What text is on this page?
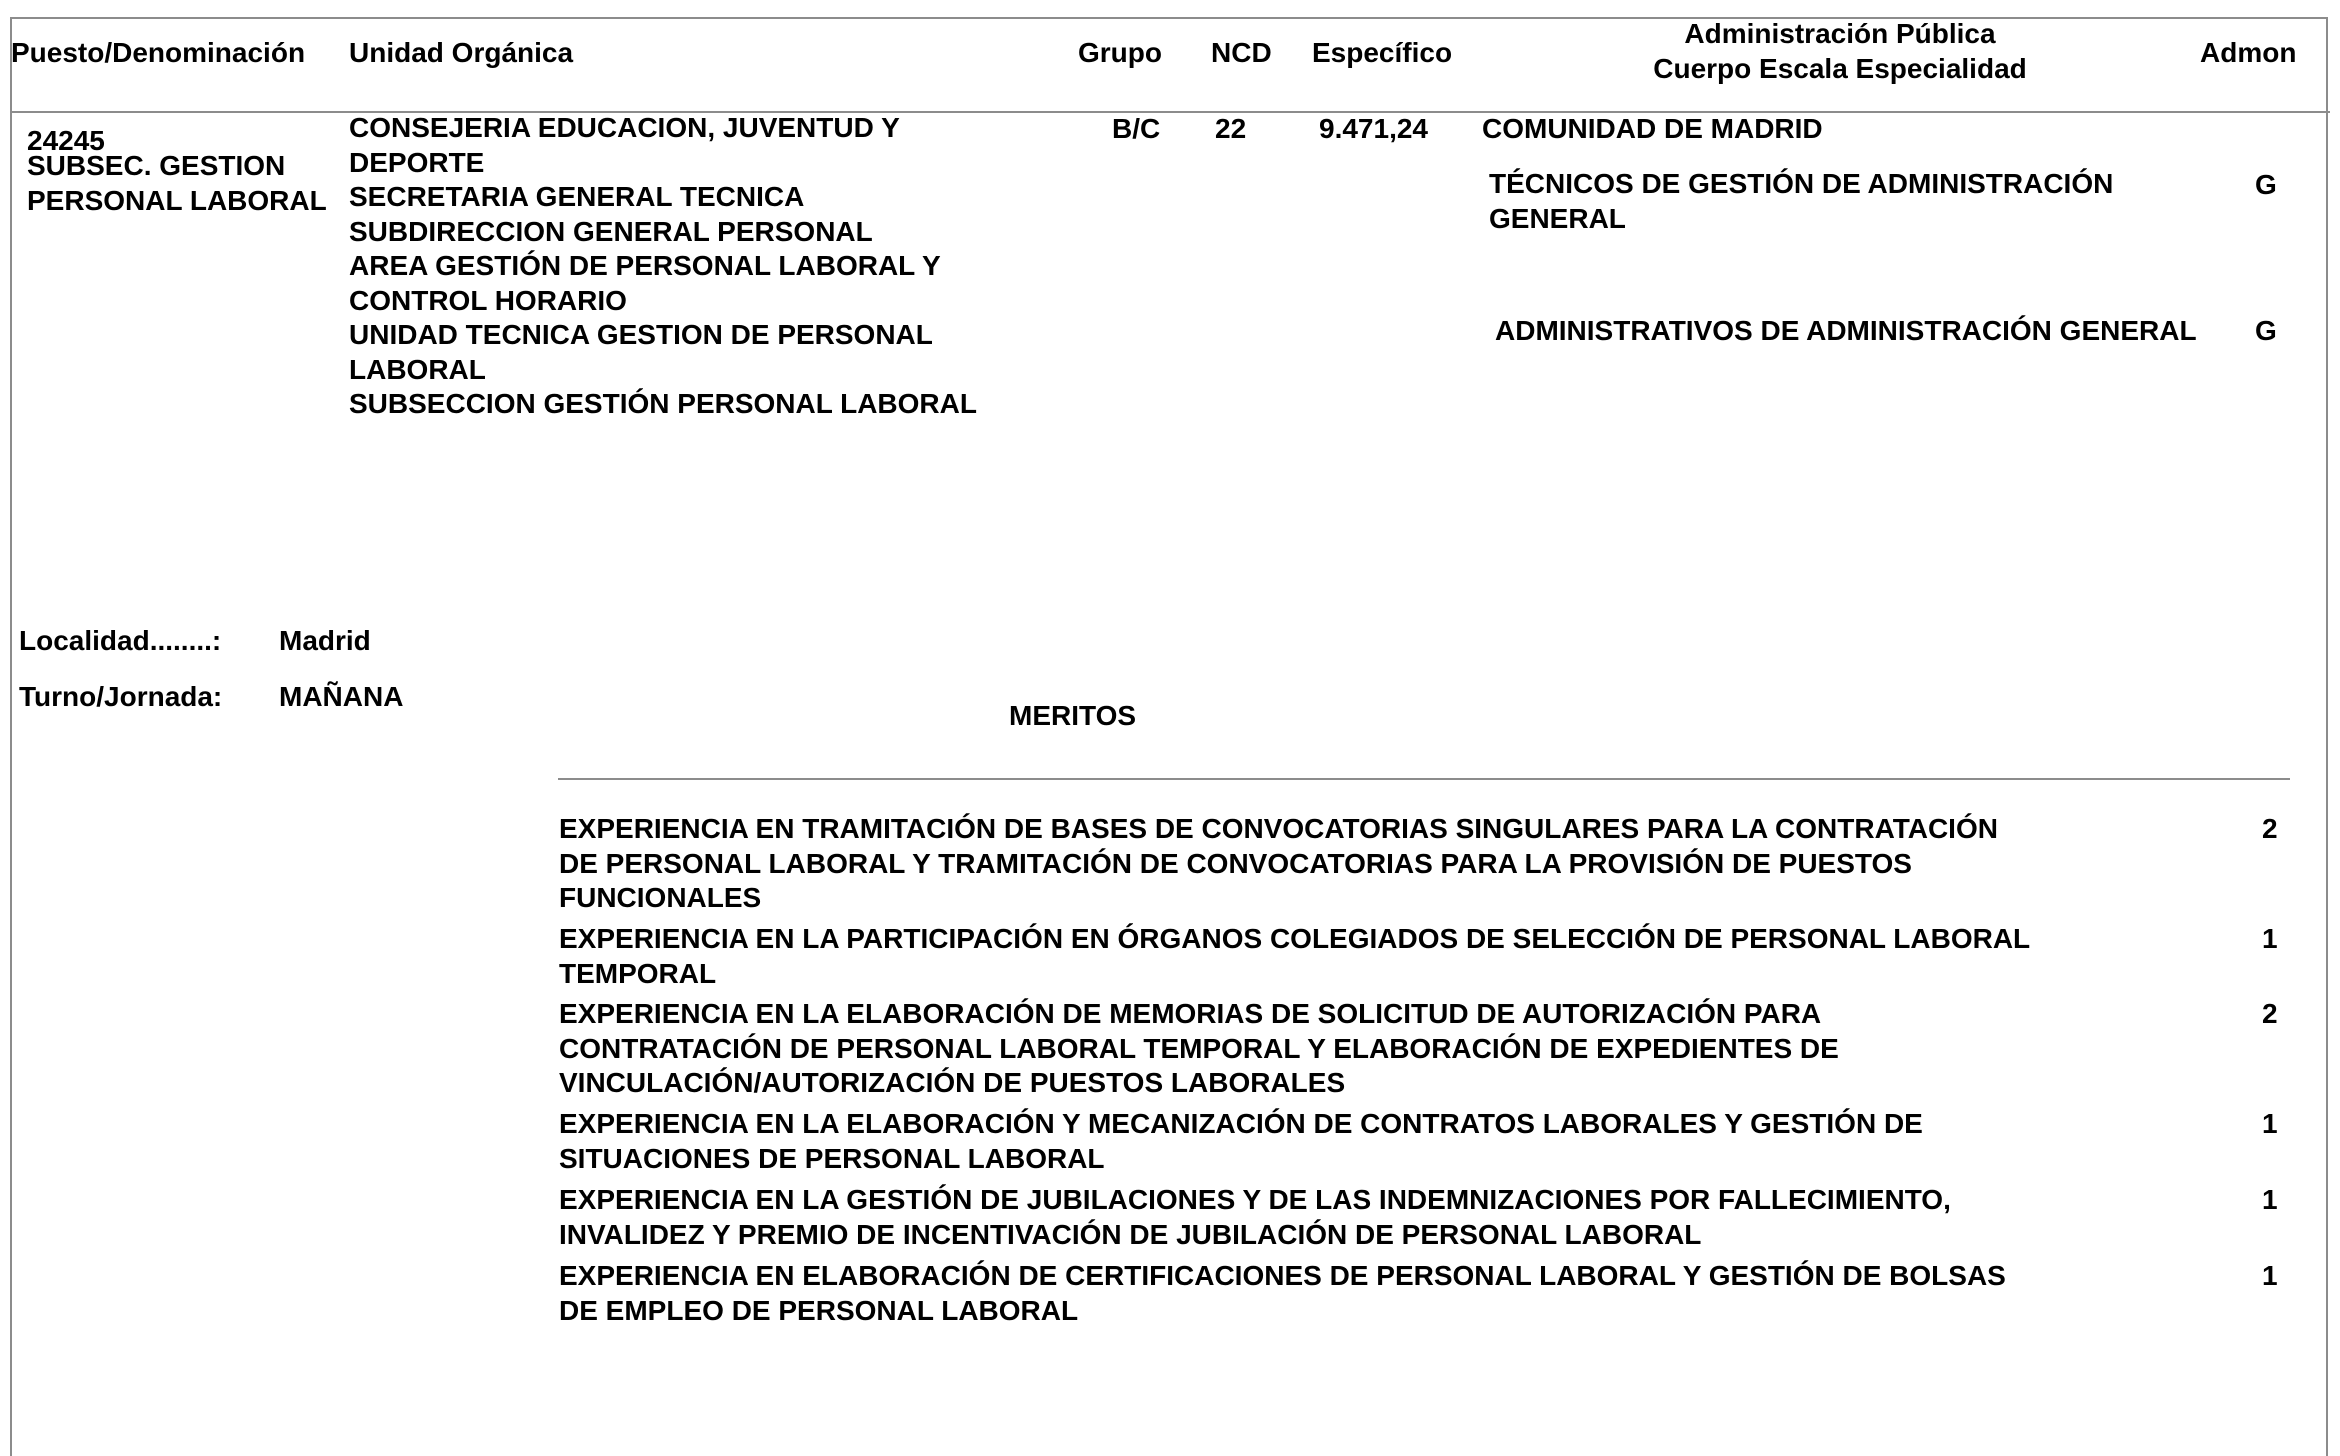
Puesto/Denominación Unidad Orgánica	Grupo NCD Específico
Administración Pública
Cuerpo Escala Especialidad
Admon
24245
SUBSEC. GESTION
PERSONAL LABORAL
CONSEJERIA EDUCACION, JUVENTUD Y
DEPORTE
SECRETARIA GENERAL TECNICA
SUBDIRECCION GENERAL PERSONAL
AREA GESTIÓN DE PERSONAL LABORAL Y
CONTROL HORARIO
UNIDAD TECNICA GESTION DE PERSONAL
LABORAL
SUBSECCION GESTIÓN PERSONAL LABORAL
B/C 22	9.471,24 COMUNIDAD DE MADRID
TÉCNICOS DE GESTIÓN DE ADMINISTRACIÓN
GENERAL
G
ADMINISTRATIVOS DE ADMINISTRACIÓN GENERAL G
Localidad........: Madrid
Turno/Jornada: MAÑANA
MERITOS
EXPERIENCIA EN TRAMITACIÓN DE BASES DE CONVOCATORIAS SINGULARES PARA LA CONTRATACIÓN
DE PERSONAL LABORAL Y TRAMITACIÓN DE CONVOCATORIAS PARA LA PROVISIÓN DE PUESTOS
FUNCIONALES
2
EXPERIENCIA EN LA PARTICIPACIÓN EN ÓRGANOS COLEGIADOS DE SELECCIÓN DE PERSONAL LABORAL
TEMPORAL
1
EXPERIENCIA EN LA ELABORACIÓN DE MEMORIAS DE SOLICITUD DE AUTORIZACIÓN PARA
CONTRATACIÓN DE PERSONAL LABORAL TEMPORAL Y ELABORACIÓN DE EXPEDIENTES DE
VINCULACIÓN/AUTORIZACIÓN DE PUESTOS LABORALES
2
EXPERIENCIA EN LA ELABORACIÓN Y MECANIZACIÓN DE CONTRATOS LABORALES Y GESTIÓN DE
SITUACIONES DE PERSONAL LABORAL
1
EXPERIENCIA EN LA GESTIÓN DE JUBILACIONES Y DE LAS INDEMNIZACIONES POR FALLECIMIENTO,
INVALIDEZ Y PREMIO DE INCENTIVACIÓN DE JUBILACIÓN DE PERSONAL LABORAL
1
EXPERIENCIA EN ELABORACIÓN DE CERTIFICACIONES DE PERSONAL LABORAL Y GESTIÓN DE BOLSAS
DE EMPLEO DE PERSONAL LABORAL
1
